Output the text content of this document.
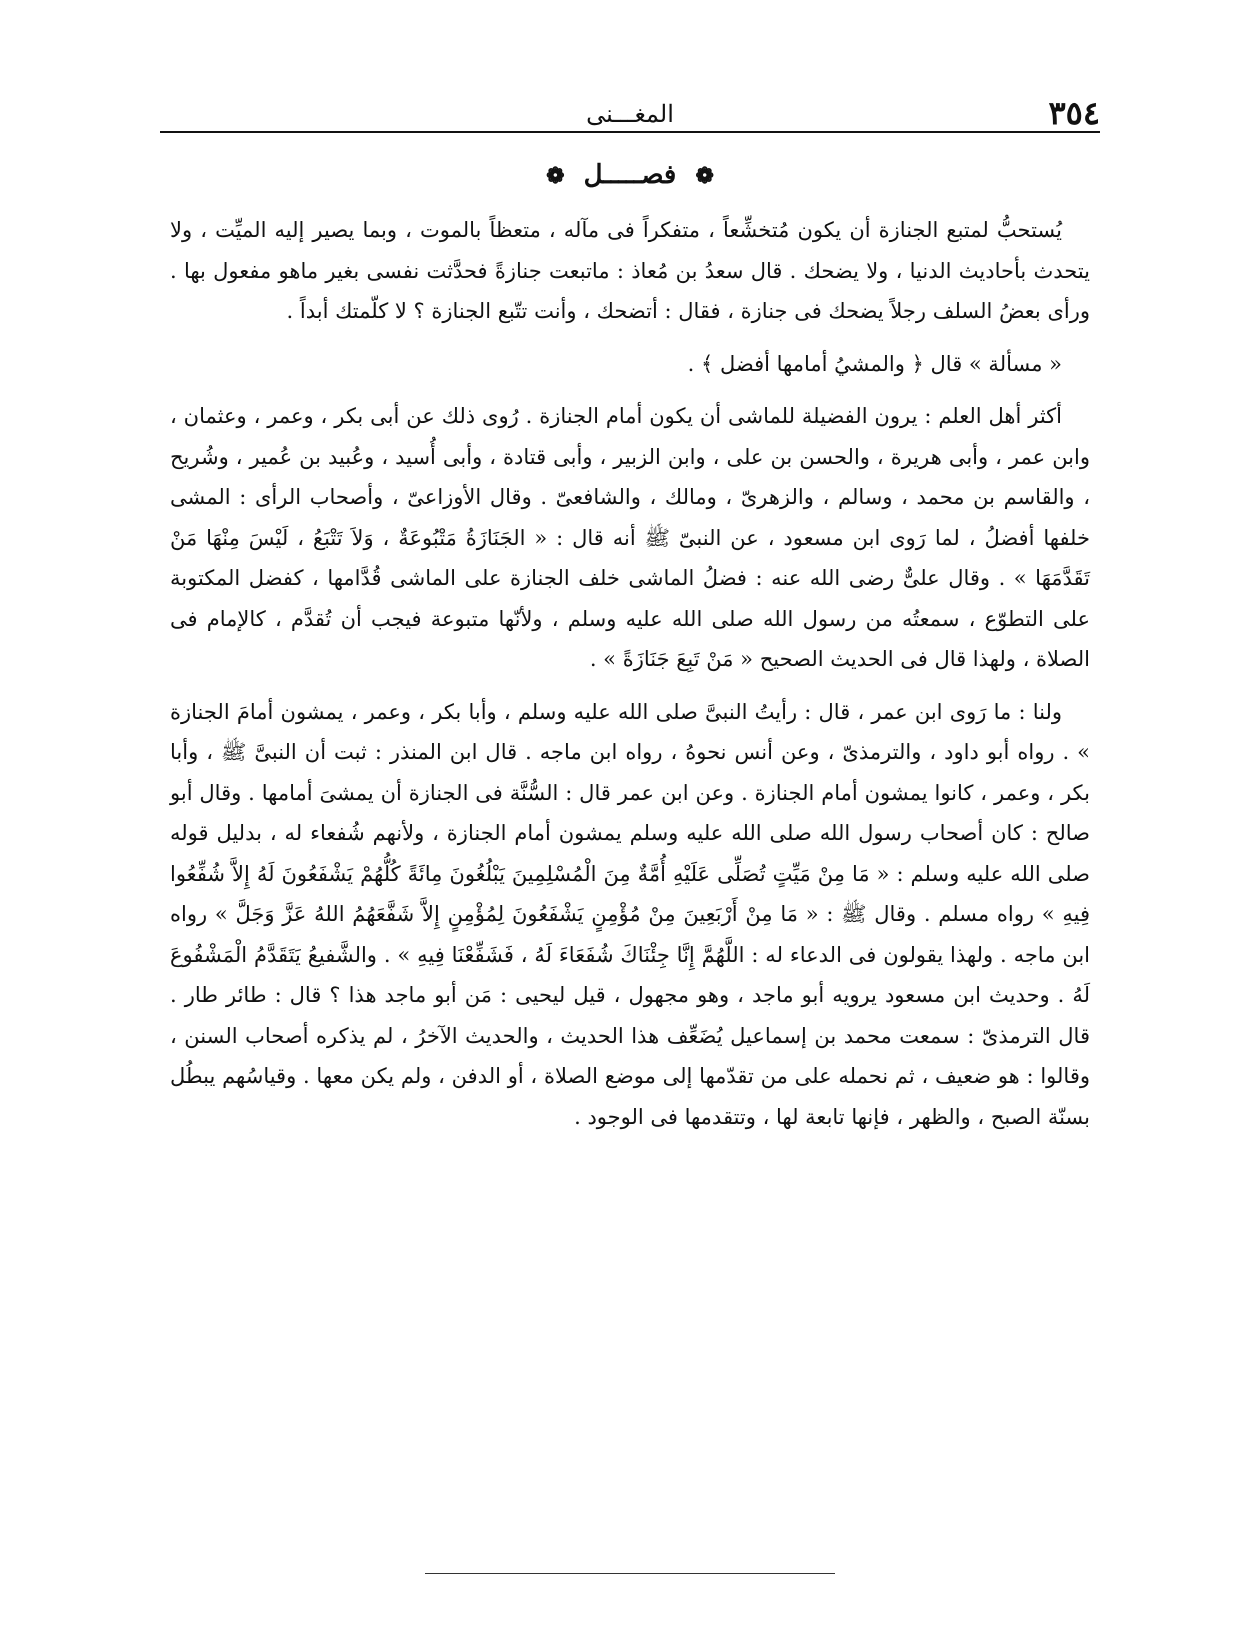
٣٥٤
المغـــنى
❁ فصـــــل ❁

يُستحبُّ لمتبع الجنازة أن يكون مُتخشِّعاً ، متفكراً فى مآله ، متعظاً بالموت ، وبما يصير إليه الميِّت ، ولا يتحدث بأحاديث الدنيا ، ولا يضحك . قال سعدُ بن مُعاذ : ماتبعت جنازةً فحدَّثت نفسى بغير ماهو مفعول بها . ورأى بعضُ السلف رجلاً يضحك فى جنازة ، فقال : أتضحك ، وأنت تتّبع الجنازة ؟ لا كلّمتك أبداً .

« مسألة » قال ﴿ والمشيُ أمامها أفضل ﴾ .

أكثر أهل العلم : يرون الفضيلة للماشى أن يكون أمام الجنازة . رُوى ذلك عن أبى بكر ، وعمر ، وعثمان ، وابن عمر ، وأبى هريرة ، والحسن بن على ، وابن الزبير ، وأبى قتادة ، وأبى أُسيد ، وعُبيد بن عُمير ، وشُريح ، والقاسم بن محمد ، وسالم ، والزهرىّ ، ومالك ، والشافعىّ . وقال الأوزاعىّ ، وأصحاب الرأى : المشى خلفها أفضلُ ، لما رَوى ابن مسعود ، عن النبىّ ﷺ أنه قال : « الجَنَازَةُ مَتْبُوعَةٌ ، وَلاَ تَتْبَعُ ، لَيْسَ مِنْهَا مَنْ تَقَدَّمَهَا » . وقال علىٌّ رضى الله عنه : فضلُ الماشى خلف الجنازة على الماشى قُدَّامها ، كفضل المكتوبة على التطوّع ، سمعتُه من رسول الله صلى الله عليه وسلم ، ولأنّها متبوعة فيجب أن تُقدَّم ، كالإمام فى الصلاة ، ولهذا قال فى الحديث الصحيح « مَنْ تَبِعَ جَنَازَةً » .

ولنا : ما رَوى ابن عمر ، قال : رأيتُ النبىَّ صلى الله عليه وسلم ، وأبا بكر ، وعمر ، يمشون أمامَ الجنازة » . رواه أبو داود ، والترمذىّ ، وعن أنس نحوهُ ، رواه ابن ماجه . قال ابن المنذر : ثبت أن النبىَّ ﷺ ، وأبا بكر ، وعمر ، كانوا يمشون أمام الجنازة . وعن ابن عمر قال : السُّنَّة فى الجنازة أن يمشىَ أمامها . وقال أبو صالح : كان أصحاب رسول الله صلى الله عليه وسلم يمشون أمام الجنازة ، ولأنهم شُفعاء له ، بدليل قوله صلى الله عليه وسلم : « مَا مِنْ مَيِّتٍ تُصَلِّى عَلَيْهِ أُمَّةٌ مِنَ الْمُسْلِمِينَ يَبْلُغُونَ مِائَةً كُلُّهُمْ يَشْفَعُونَ لَهُ إِلاَّ شُفِّعُوا فِيهِ » رواه مسلم . وقال ﷺ : « مَا مِنْ أَرْبَعِينَ مِنْ مُؤْمِنٍ يَشْفَعُونَ لِمُؤْمِنٍ إِلاَّ شَفَّعَهُمُ اللهُ عَزَّ وَجَلَّ » رواه ابن ماجه . ولهذا يقولون فى الدعاء له : اللَّهُمَّ إِنَّا جِئْنَاكَ شُفَعَاءَ لَهُ ، فَشَفِّعْنَا فِيهِ » . والشَّفيعُ يَتَقَدَّمُ الْمَشْفُوعَ لَهُ . وحديث ابن مسعود يرويه أبو ماجد ، وهو مجهول ، قيل ليحيى : مَن أبو ماجد هذا ؟ قال : طائر طار . قال الترمذىّ : سمعت محمد بن إسماعيل يُضَعِّف هذا الحديث ، والحديث الآخرُ ، لم يذكره أصحاب السنن ، وقالوا : هو ضعيف ، ثم نحمله على من تقدّمها إلى موضع الصلاة ، أو الدفن ، ولم يكن معها . وقياسُهم يبطُل بسنّة الصبح ، والظهر ، فإنها تابعة لها ، وتتقدمها فى الوجود .
